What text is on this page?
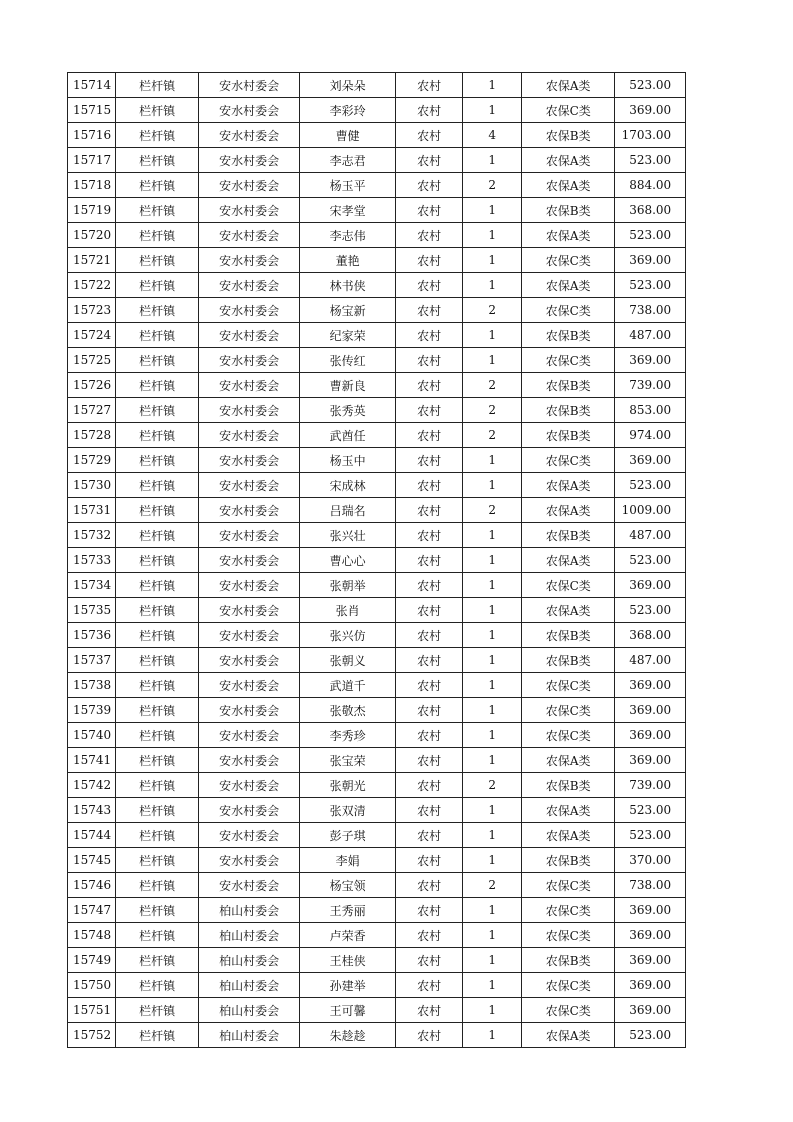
15714	栏杆镇	安水村委会	刘朵朵	农村	1	农保A类	523.00
15715	栏杆镇	安水村委会	李彩玲	农村	1	农保C类	369.00
15716	栏杆镇	安水村委会	曹健	农村	4	农保B类	1703.00
15717	栏杆镇	安水村委会	李志君	农村	1	农保A类	523.00
15718	栏杆镇	安水村委会	杨玉平	农村	2	农保A类	884.00
15719	栏杆镇	安水村委会	宋孝堂	农村	1	农保B类	368.00
15720	栏杆镇	安水村委会	李志伟	农村	1	农保A类	523.00
15721	栏杆镇	安水村委会	董艳	农村	1	农保C类	369.00
15722	栏杆镇	安水村委会	林书侠	农村	1	农保A类	523.00
15723	栏杆镇	安水村委会	杨宝新	农村	2	农保C类	738.00
15724	栏杆镇	安水村委会	纪家荣	农村	1	农保B类	487.00
15725	栏杆镇	安水村委会	张传红	农村	1	农保C类	369.00
15726	栏杆镇	安水村委会	曹新良	农村	2	农保B类	739.00
15727	栏杆镇	安水村委会	张秀英	农村	2	农保B类	853.00
15728	栏杆镇	安水村委会	武酋任	农村	2	农保B类	974.00
15729	栏杆镇	安水村委会	杨玉中	农村	1	农保C类	369.00
15730	栏杆镇	安水村委会	宋成林	农村	1	农保A类	523.00
15731	栏杆镇	安水村委会	吕瑞名	农村	2	农保A类	1009.00
15732	栏杆镇	安水村委会	张兴壮	农村	1	农保B类	487.00
15733	栏杆镇	安水村委会	曹心心	农村	1	农保A类	523.00
15734	栏杆镇	安水村委会	张朝举	农村	1	农保C类	369.00
15735	栏杆镇	安水村委会	张肖	农村	1	农保A类	523.00
15736	栏杆镇	安水村委会	张兴仿	农村	1	农保B类	368.00
15737	栏杆镇	安水村委会	张朝义	农村	1	农保B类	487.00
15738	栏杆镇	安水村委会	武道千	农村	1	农保C类	369.00
15739	栏杆镇	安水村委会	张敬杰	农村	1	农保C类	369.00
15740	栏杆镇	安水村委会	李秀珍	农村	1	农保C类	369.00
15741	栏杆镇	安水村委会	张宝荣	农村	1	农保A类	369.00
15742	栏杆镇	安水村委会	张朝光	农村	2	农保B类	739.00
15743	栏杆镇	安水村委会	张双清	农村	1	农保A类	523.00
15744	栏杆镇	安水村委会	彭子琪	农村	1	农保A类	523.00
15745	栏杆镇	安水村委会	李娟	农村	1	农保B类	370.00
15746	栏杆镇	安水村委会	杨宝领	农村	2	农保C类	738.00
15747	栏杆镇	柏山村委会	王秀丽	农村	1	农保C类	369.00
15748	栏杆镇	柏山村委会	卢荣香	农村	1	农保C类	369.00
15749	栏杆镇	柏山村委会	王桂侠	农村	1	农保B类	369.00
15750	栏杆镇	柏山村委会	孙建举	农村	1	农保C类	369.00
15751	栏杆镇	柏山村委会	王可馨	农村	1	农保C类	369.00
15752	栏杆镇	柏山村委会	朱趁趁	农村	1	农保A类	523.00
